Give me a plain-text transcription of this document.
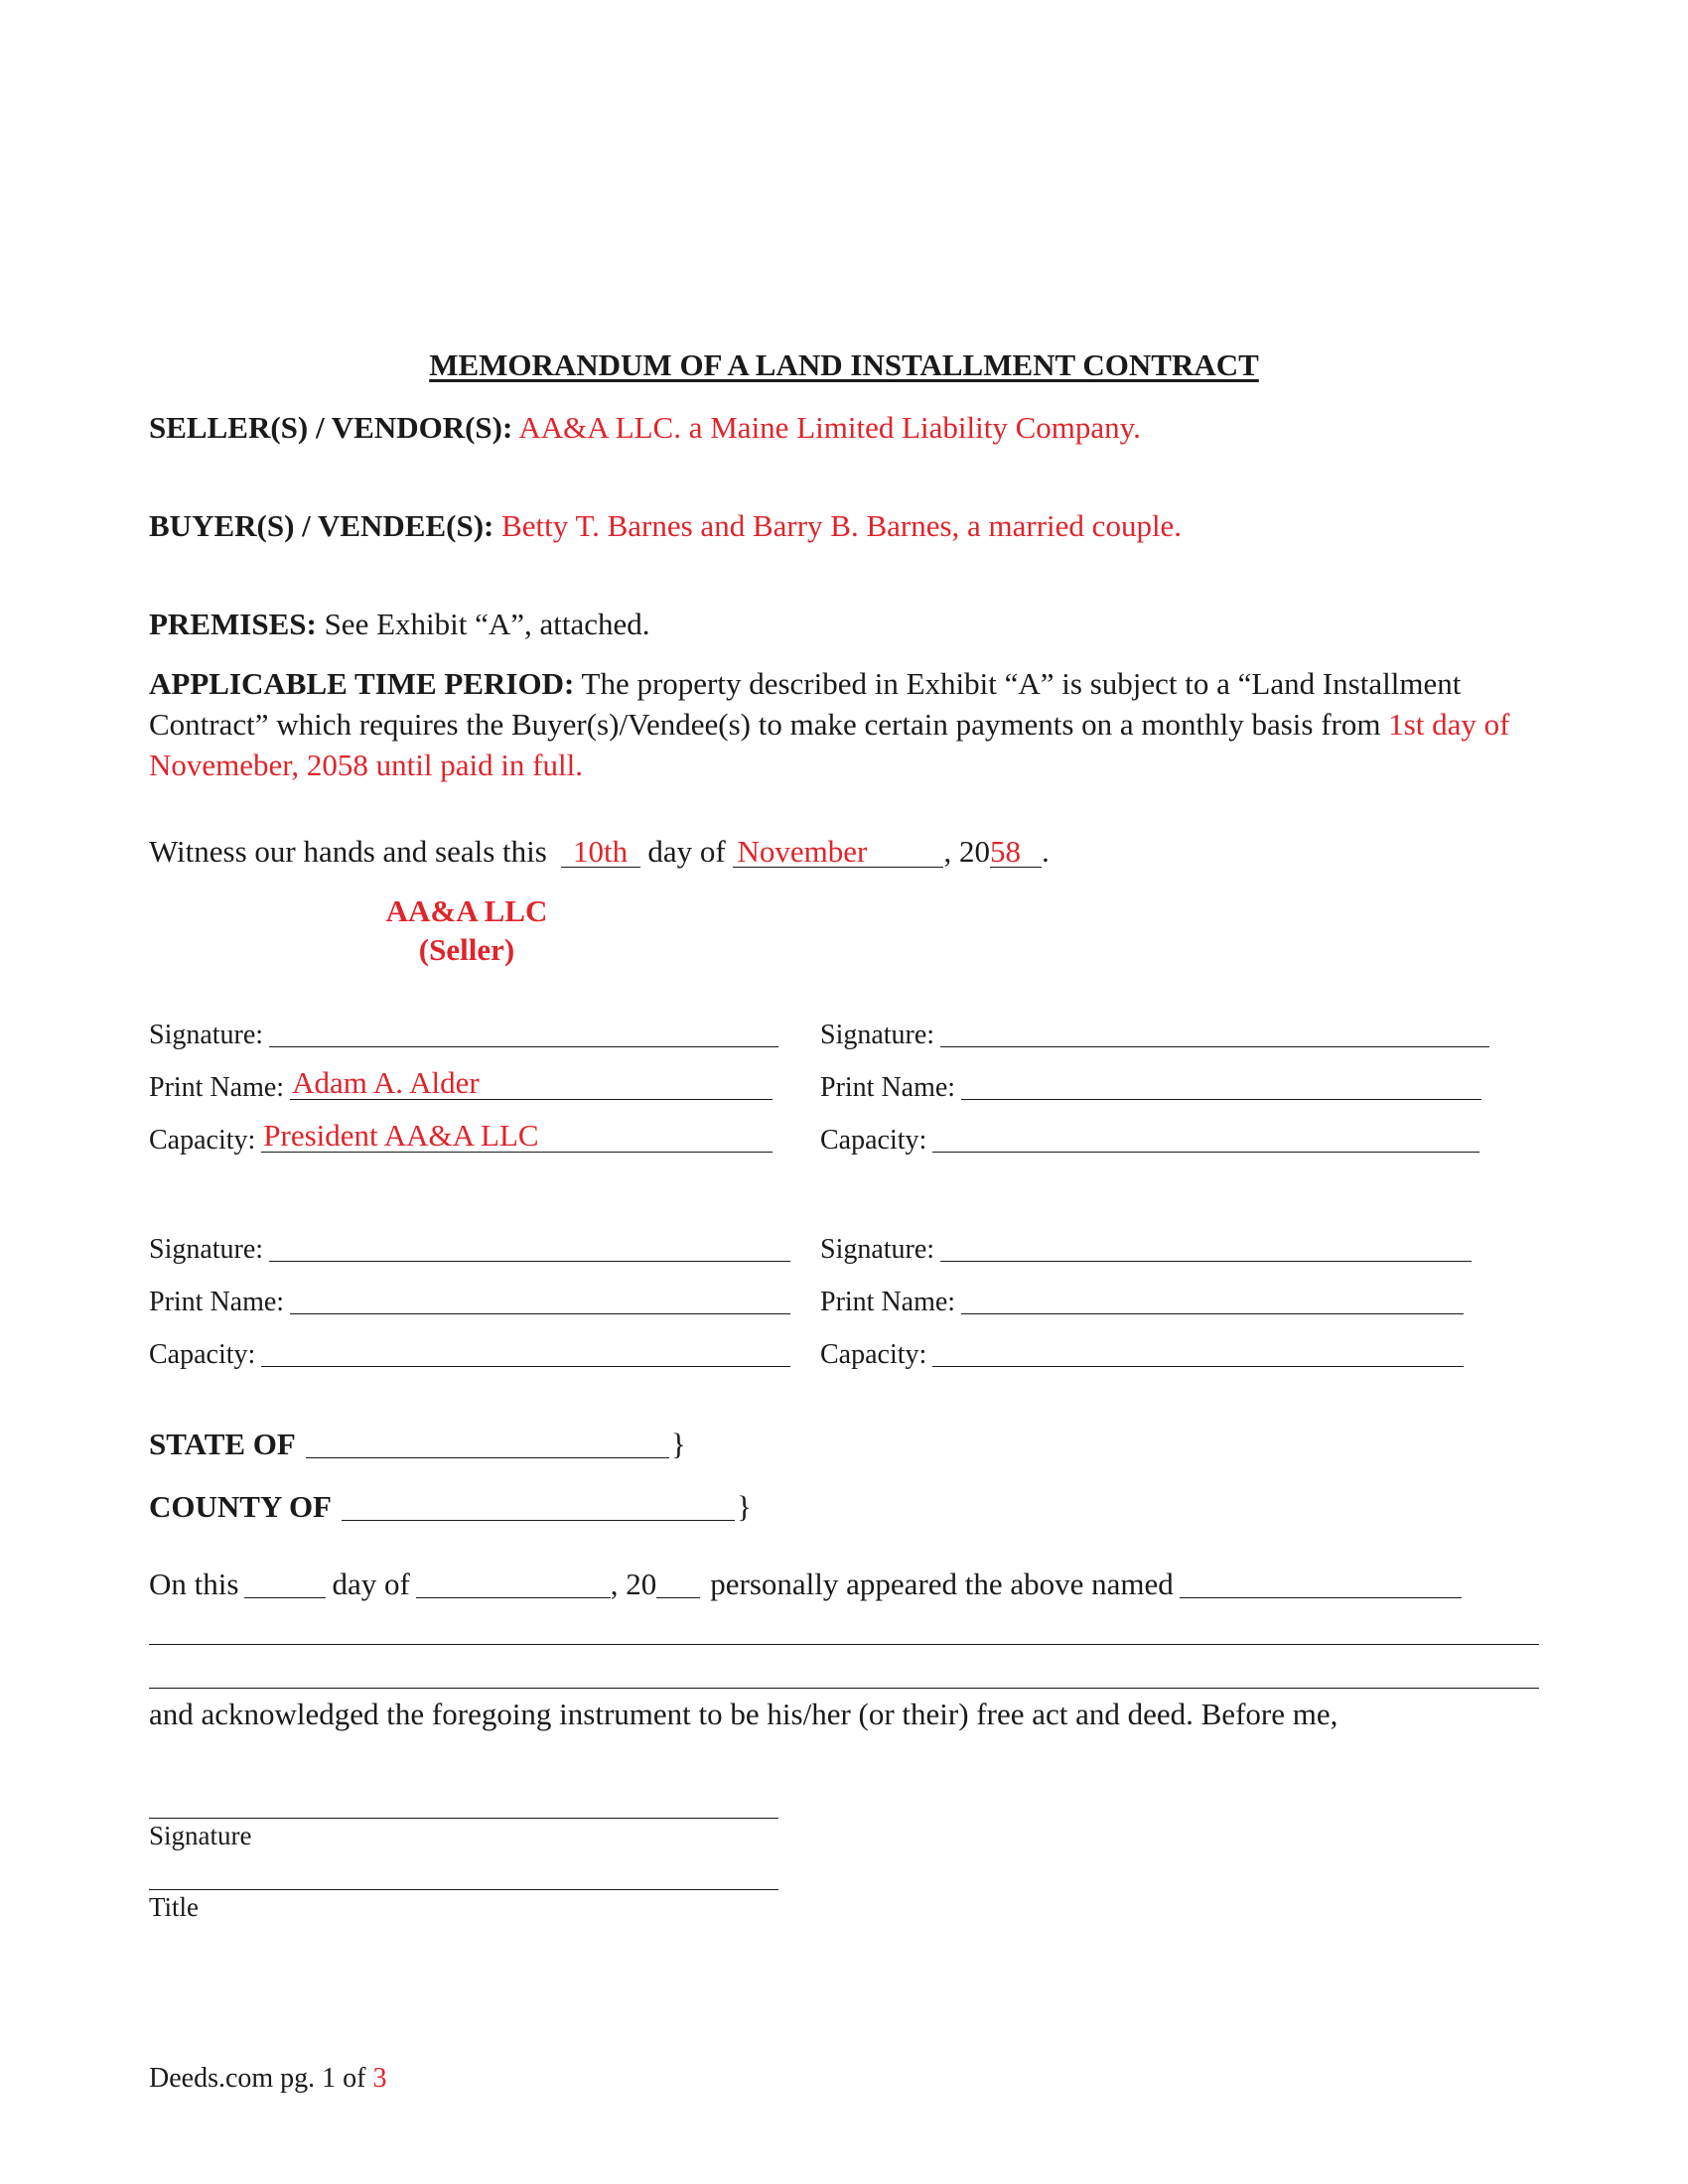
MEMORANDUM OF A LAND INSTALLMENT CONTRACT
SELLER(S) / VENDOR(S): AA&A LLC. a Maine Limited Liability Company.
BUYER(S) / VENDEE(S): Betty T. Barnes and Barry B. Barnes, a married couple.
PREMISES: See Exhibit “A”, attached.
APPLICABLE TIME PERIOD: The property described in Exhibit “A” is subject to a “Land Installment Contract” which requires the Buyer(s)/Vendee(s) to make certain payments on a monthly basis from 1st day of Novemeber, 2058 until paid in full.
Witness our hands and seals this 10th day of November , 2058 .
AA&A LLC
(Seller)
Signature:
Print Name: Adam A. Alder
Capacity: President AA&A LLC
Signature:
Print Name:
Capacity:
Signature:
Print Name:
Capacity:
Signature:
Print Name:
Capacity:
STATE OF	}
COUNTY OF	}
On this	day of	, 20 personally appeared the above named
and acknowledged the foregoing instrument to be his/her (or their) free act and deed. Before me,
Signature
Title
Deeds.com pg. 1 of 3
